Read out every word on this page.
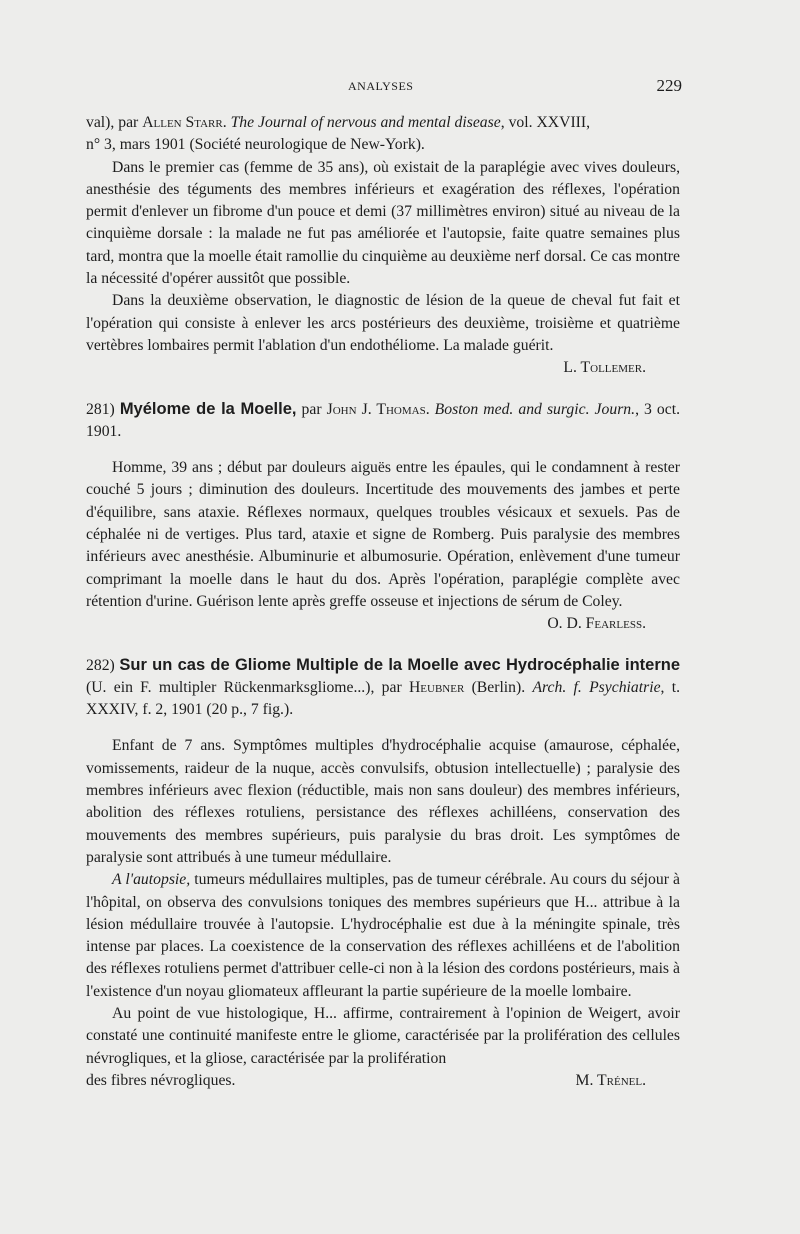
ANALYSES	229

val), par Allen Starr. The Journal of nervous and mental disease, vol. XXVIII,
n° 3, mars 1901 (Société neurologique de New-York).

Dans le premier cas (femme de 35 ans), où existait de la paraplégie avec vives douleurs, anesthésie des téguments des membres inférieurs et exagération des réflexes, l'opération permit d'enlever un fibrome d'un pouce et demi (37 millimètres environ) situé au niveau de la cinquième dorsale : la malade ne fut pas améliorée et l'autopsie, faite quatre semaines plus tard, montra que la moelle était ramollie du cinquième au deuxième nerf dorsal. Ce cas montre la nécessité d'opérer aussitôt que possible.

Dans la deuxième observation, le diagnostic de lésion de la queue de cheval fut fait et l'opération qui consiste à enlever les arcs postérieurs des deuxième, troisième et quatrième vertèbres lombaires permit l'ablation d'un endothéliome. La malade guérit.

L. Tollemer.

281) Myélome de la Moelle, par John J. Thomas. Boston med. and surgic. Journ., 3 oct. 1901.

Homme, 39 ans ; début par douleurs aiguës entre les épaules, qui le condamnent à rester couché 5 jours ; diminution des douleurs. Incertitude des mouvements des jambes et perte d'équilibre, sans ataxie. Réflexes normaux, quelques troubles vésicaux et sexuels. Pas de céphalée ni de vertiges. Plus tard, ataxie et signe de Romberg. Puis paralysie des membres inférieurs avec anesthésie. Albuminurie et albumosurie. Opération, enlèvement d'une tumeur comprimant la moelle dans le haut du dos. Après l'opération, paraplégie complète avec rétention d'urine. Guérison lente après greffe osseuse et injections de sérum de Coley.

O. D. Fearless.

282) Sur un cas de Gliome Multiple de la Moelle avec Hydrocéphalie interne (U. ein F. multipler Rückenmarksgliome...), par Heubner (Berlin). Arch. f. Psychiatrie, t. XXXIV, f. 2, 1901 (20 p., 7 fig.).

Enfant de 7 ans. Symptômes multiples d'hydrocéphalie acquise (amaurose, céphalée, vomissements, raideur de la nuque, accès convulsifs, obtusion intellectuelle) ; paralysie des membres inférieurs avec flexion (réductible, mais non sans douleur) des membres inférieurs, abolition des réflexes rotuliens, persistance des réflexes achilléens, conservation des mouvements des membres supérieurs, puis paralysie du bras droit. Les symptômes de paralysie sont attribués à une tumeur médullaire.

A l'autopsie, tumeurs médullaires multiples, pas de tumeur cérébrale. Au cours du séjour à l'hôpital, on observa des convulsions toniques des membres supérieurs que H... attribue à la lésion médullaire trouvée à l'autopsie. L'hydrocéphalie est due à la méningite spinale, très intense par places. La coexistence de la conservation des réflexes achilléens et de l'abolition des réflexes rotuliens permet d'attribuer celle-ci non à la lésion des cordons postérieurs, mais à l'existence d'un noyau gliomateux affleurant la partie supérieure de la moelle lombaire.

Au point de vue histologique, H... affirme, contrairement à l'opinion de Weigert, avoir constaté une continuité manifeste entre le gliome, caractérisée par la prolifération des cellules névrogliques, et la gliose, caractérisée par la prolifération

des fibres névrogliques.	M. Trénel.
